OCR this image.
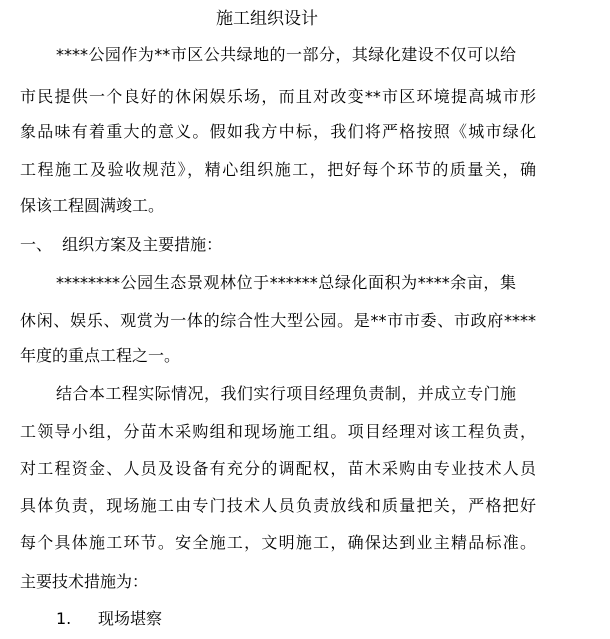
施工组织设计
****公园作为**市区公共绿地的一部分，其绿化建设不仅可以给
市民提供一个良好的休闲娱乐场，而且对改变**市区环境提高城市形
象品味有着重大的意义。假如我方中标，我们将严格按照《城市绿化
工程施工及验收规范》，精心组织施工，把好每个环节的质量关，确
保该工程圆满竣工。
一、  组织方案及主要措施：
********公园生态景观林位于******总绿化面积为****余亩，集
休闲、娱乐、观赏为一体的综合性大型公园。是**市市委、市政府****
年度的重点工程之一。
结合本工程实际情况，我们实行项目经理负责制，并成立专门施
工领导小组，分苗木采购组和现场施工组。项目经理对该工程负责，
对工程资金、人员及设备有充分的调配权，苗木采购由专业技术人员
具体负责，现场施工由专门技术人员负责放线和质量把关，严格把好
每个具体施工环节。安全施工，文明施工，确保达到业主精品标准。
主要技术措施为：
1. 现场堪察
